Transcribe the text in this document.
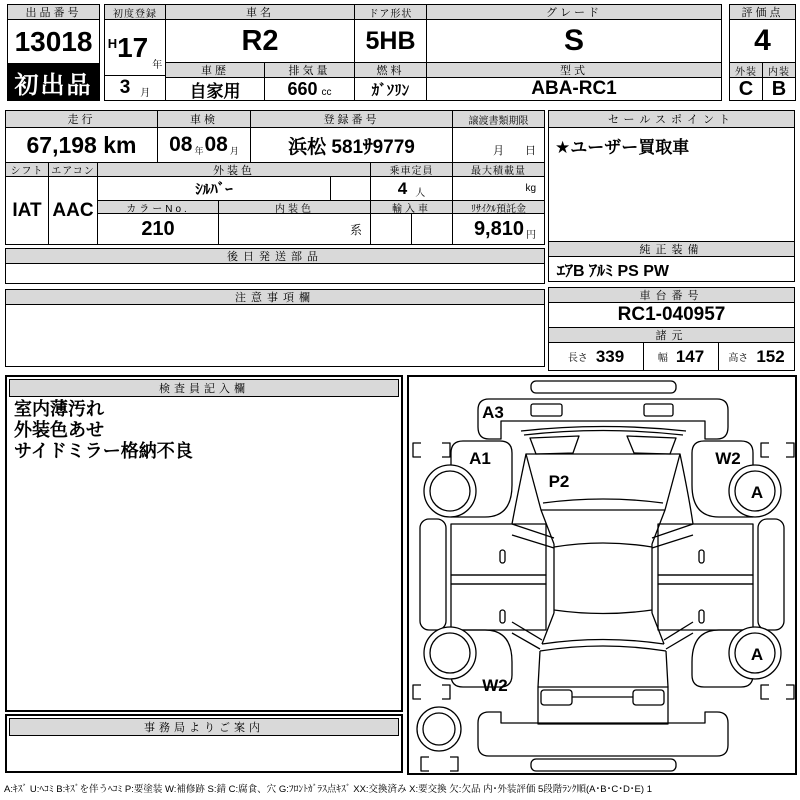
出品番号
13018
初出品
初度登録
H 17
年
3 月
車名
R2
ドア形状
5HB
グレード
S
車歴
自家用
排気量
660 cc
燃料
ｶﾞｿﾘﾝ
型式
ABA-RC1
評価点
4
外装	内装
C B
走行
67,198 km
車検
08 年 08 月
登録番号
浜松 581ｻ9779
譲渡書類期限
月 日
シフト
IAT
エアコン
AAC
外装色
ｼﾙﾊﾞｰ
乗車定員
4 人
最大積載量
kg
カラーNo.
210
内装色
系
輸入車	ﾘｻｲｸﾙ預託金
9,810 円
後日発送部品
注意事項欄
セールスポイント
★ユーザー買取車
純正装備
ｴｱB ｱﾙﾐ PS PW
車台番号
RC1-040957
諸元
長さ 339	幅 147 高さ 152
検査員記入欄
室内薄汚れ
外装色あせ
サイドミラー格納不良
事務局よりご案内
A3
A1	W2
P2
A
A
W2
A:ｷｽﾞ U:ﾍｺﾐ B:ｷｽﾞを伴うﾍｺﾐ P:要塗装 W:補修跡 S:錆 C:腐食、穴 G:ﾌﾛﾝﾄｶﾞﾗｽ点ｷｽﾞ XX:交換済み X:要交換 欠:欠品 内･外装評価 5段階ﾗﾝｸ順(A･B･C･D･E) 1
